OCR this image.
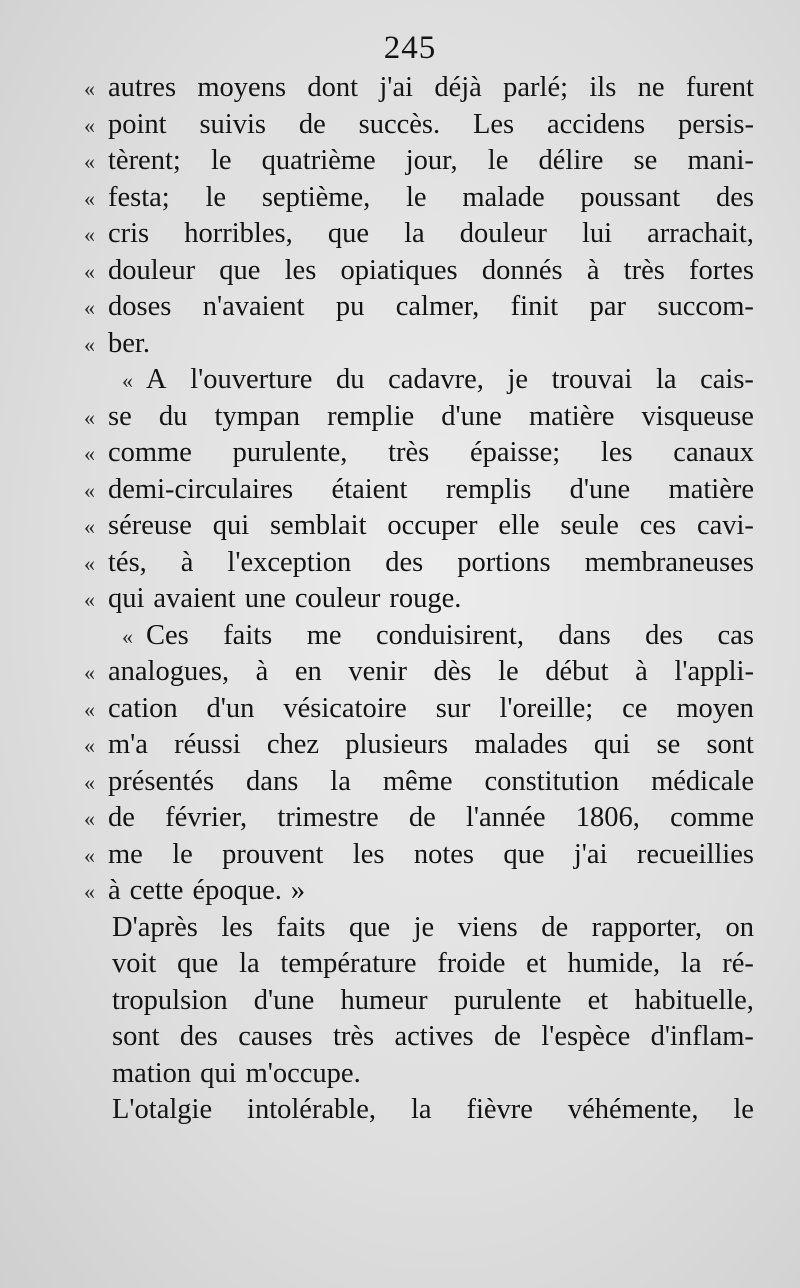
245
« autres moyens dont j'ai déjà parlé; ils ne furent
« point suivis de succès. Les accidens persis-
« tèrent; le quatrième jour, le délire se mani-
« festa; le septième, le malade poussant des
« cris horribles, que la douleur lui arrachait,
« douleur que les opiatiques donnés à très fortes
« doses n'avaient pu calmer, finit par succom-
« ber.
« A l'ouverture du cadavre, je trouvai la cais-
« se du tympan remplie d'une matière visqueuse
« comme purulente, très épaisse; les canaux
« demi-circulaires étaient remplis d'une matière
« séreuse qui semblait occuper elle seule ces cavi-
« tés, à l'exception des portions membraneuses
« qui avaient une couleur rouge.
« Ces faits me conduisirent, dans des cas
« analogues, à en venir dès le début à l'appli-
« cation d'un vésicatoire sur l'oreille; ce moyen
« m'a réussi chez plusieurs malades qui se sont
« présentés dans la même constitution médicale
« de février, trimestre de l'année 1806, comme
« me le prouvent les notes que j'ai recueillies
« à cette époque. »
D'après les faits que je viens de rapporter, on
voit que la température froide et humide, la ré-
tropulsion d'une humeur purulente et habituelle,
sont des causes très actives de l'espèce d'inflam-
mation qui m'occupe.
L'otalgie intolérable, la fièvre véhémente, le
